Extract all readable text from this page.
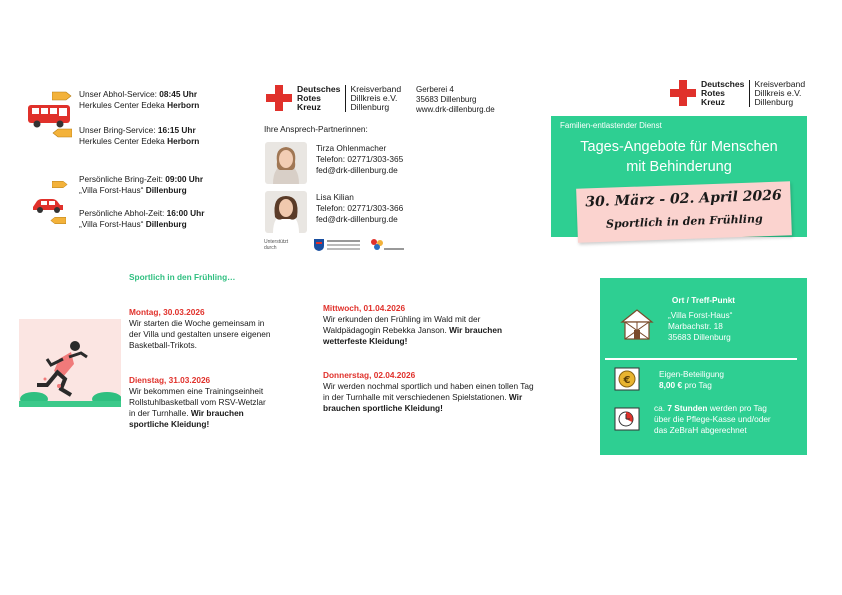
Unser Abhol-Service: 08:45 Uhr
Herkules Center Edeka Herborn
Unser Bring-Service: 16:15 Uhr
Herkules Center Edeka Herborn
Persönliche Bring-Zeit: 09:00 Uhr
„Villa Forst-Haus“ Dillenburg
Persönliche Abhol-Zeit: 16:00 Uhr
„Villa Forst-Haus“ Dillenburg
Deutsches
Rotes
Kreuz
Kreisverband
Dillkreis e.V.
Dillenburg
Gerberei 4
35683 Dillenburg
www.drk-dillenburg.de
Ihre Ansprech-Partnerinnen:
Tirza Ohlenmacher
Telefon: 02771/303-365
fed@drk-dillenburg.de
Lisa Kilian
Telefon: 02771/303-366
fed@drk-dillenburg.de
Unterstützt durch
Deutsches
Rotes
Kreuz
Kreisverband
Dillkreis e.V.
Dillenburg
Familien-entlastender Dienst
Tages-Angebote für Menschen
mit Behinderung
30. März - 02. April 2026
Sportlich in den Frühling
Sportlich in den Frühling…
Montag, 30.03.2026
Wir starten die Woche gemeinsam in
der Villa und gestalten unsere eigenen
Basketball-Trikots.
Dienstag, 31.03.2026
Wir bekommen eine Trainingseinheit
Rollstuhlbasketball vom RSV-Wetzlar
in der Turnhalle. Wir brauchen
sportliche Kleidung!
Mittwoch, 01.04.2026
Wir erkunden den Frühling im Wald mit der
Waldpädagogin Rebekka Janson. Wir brauchen
wetterfeste Kleidung!
Donnerstag, 02.04.2026
Wir werden nochmal sportlich und haben einen tollen Tag
in der Turnhalle mit verschiedenen Spielstationen. Wir
brauchen sportliche Kleidung!
Ort / Treff-Punkt
„Villa Forst-Haus“
Marbachstr. 18
35683 Dillenburg
€
Eigen-Beteiligung
8,00 € pro Tag
ca. 7 Stunden werden pro Tag
über die Pflege-Kasse und/oder
das ZeBraH abgerechnet
